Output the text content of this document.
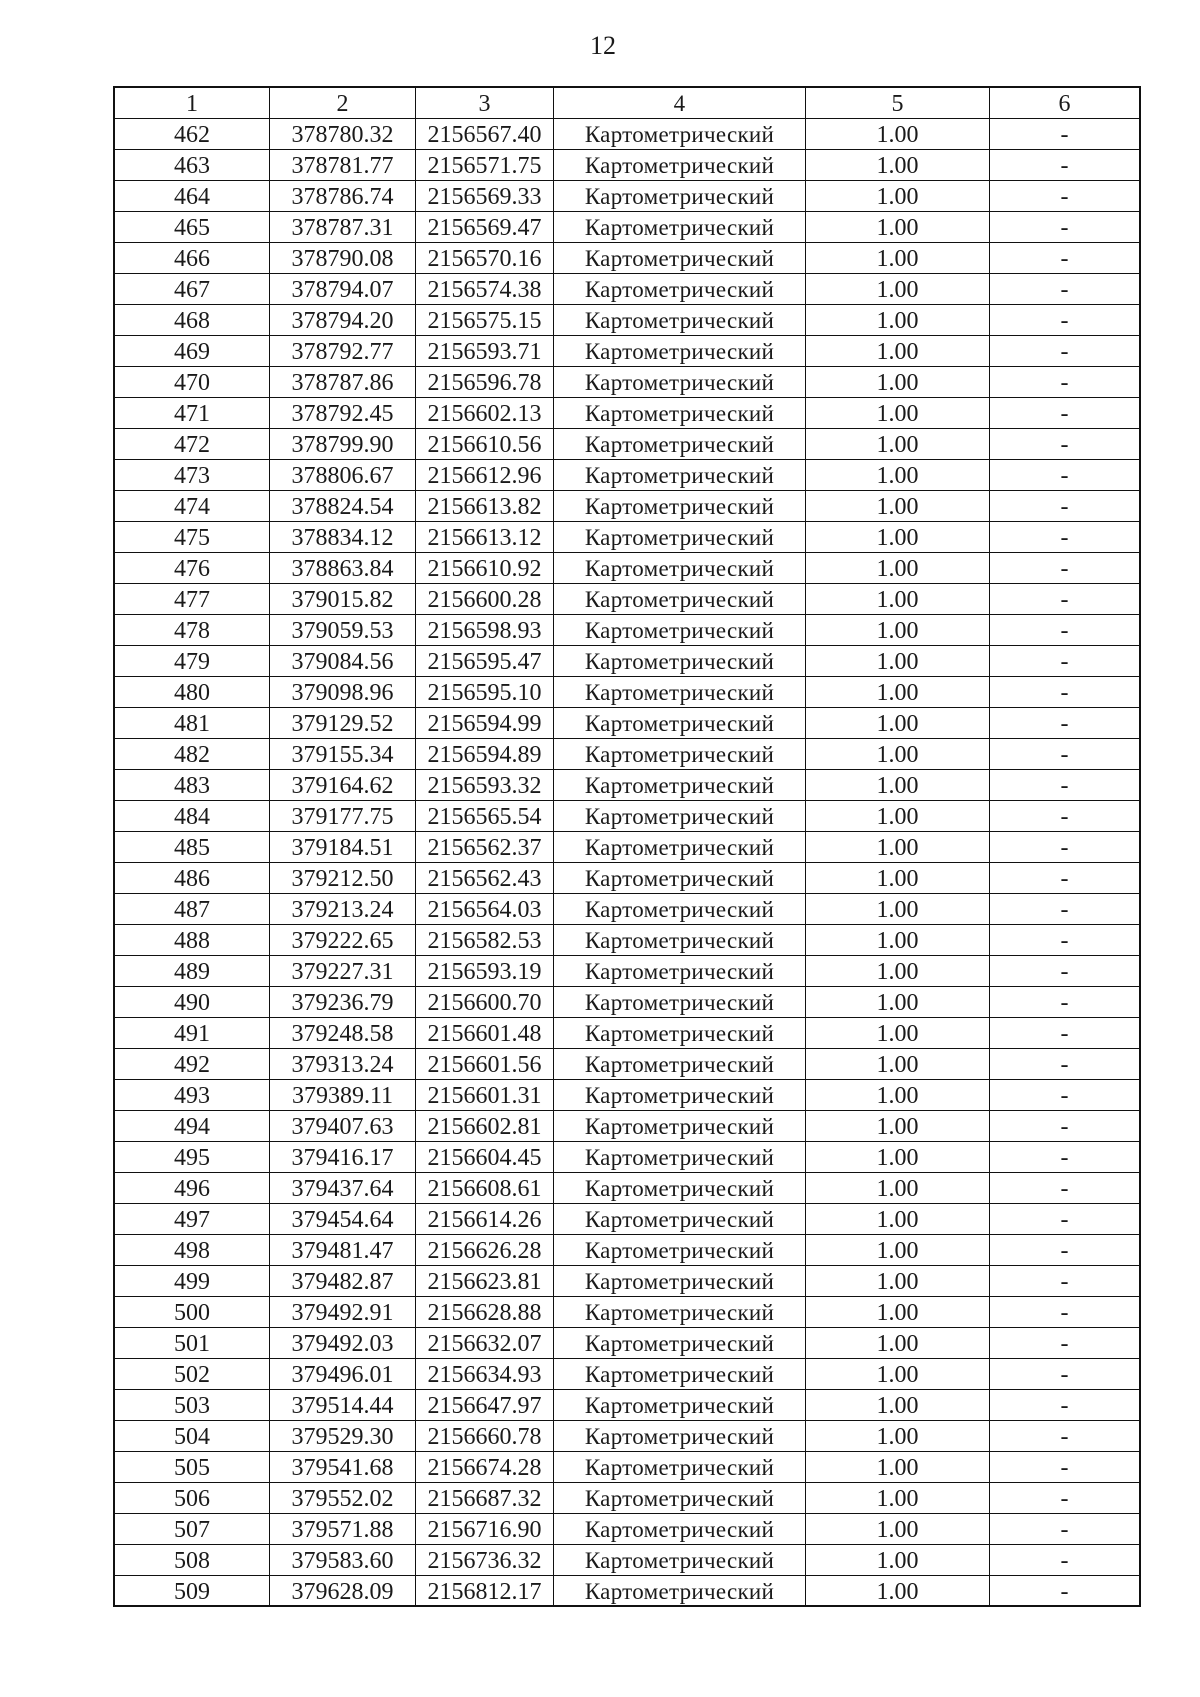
12
1	2	3	4	5	6
462	378780.32	2156567.40	Картометрический	1.00	-
463	378781.77	2156571.75	Картометрический	1.00	-
464	378786.74	2156569.33	Картометрический	1.00	-
465	378787.31	2156569.47	Картометрический	1.00	-
466	378790.08	2156570.16	Картометрический	1.00	-
467	378794.07	2156574.38	Картометрический	1.00	-
468	378794.20	2156575.15	Картометрический	1.00	-
469	378792.77	2156593.71	Картометрический	1.00	-
470	378787.86	2156596.78	Картометрический	1.00	-
471	378792.45	2156602.13	Картометрический	1.00	-
472	378799.90	2156610.56	Картометрический	1.00	-
473	378806.67	2156612.96	Картометрический	1.00	-
474	378824.54	2156613.82	Картометрический	1.00	-
475	378834.12	2156613.12	Картометрический	1.00	-
476	378863.84	2156610.92	Картометрический	1.00	-
477	379015.82	2156600.28	Картометрический	1.00	-
478	379059.53	2156598.93	Картометрический	1.00	-
479	379084.56	2156595.47	Картометрический	1.00	-
480	379098.96	2156595.10	Картометрический	1.00	-
481	379129.52	2156594.99	Картометрический	1.00	-
482	379155.34	2156594.89	Картометрический	1.00	-
483	379164.62	2156593.32	Картометрический	1.00	-
484	379177.75	2156565.54	Картометрический	1.00	-
485	379184.51	2156562.37	Картометрический	1.00	-
486	379212.50	2156562.43	Картометрический	1.00	-
487	379213.24	2156564.03	Картометрический	1.00	-
488	379222.65	2156582.53	Картометрический	1.00	-
489	379227.31	2156593.19	Картометрический	1.00	-
490	379236.79	2156600.70	Картометрический	1.00	-
491	379248.58	2156601.48	Картометрический	1.00	-
492	379313.24	2156601.56	Картометрический	1.00	-
493	379389.11	2156601.31	Картометрический	1.00	-
494	379407.63	2156602.81	Картометрический	1.00	-
495	379416.17	2156604.45	Картометрический	1.00	-
496	379437.64	2156608.61	Картометрический	1.00	-
497	379454.64	2156614.26	Картометрический	1.00	-
498	379481.47	2156626.28	Картометрический	1.00	-
499	379482.87	2156623.81	Картометрический	1.00	-
500	379492.91	2156628.88	Картометрический	1.00	-
501	379492.03	2156632.07	Картометрический	1.00	-
502	379496.01	2156634.93	Картометрический	1.00	-
503	379514.44	2156647.97	Картометрический	1.00	-
504	379529.30	2156660.78	Картометрический	1.00	-
505	379541.68	2156674.28	Картометрический	1.00	-
506	379552.02	2156687.32	Картометрический	1.00	-
507	379571.88	2156716.90	Картометрический	1.00	-
508	379583.60	2156736.32	Картометрический	1.00	-
509	379628.09	2156812.17	Картометрический	1.00	-
